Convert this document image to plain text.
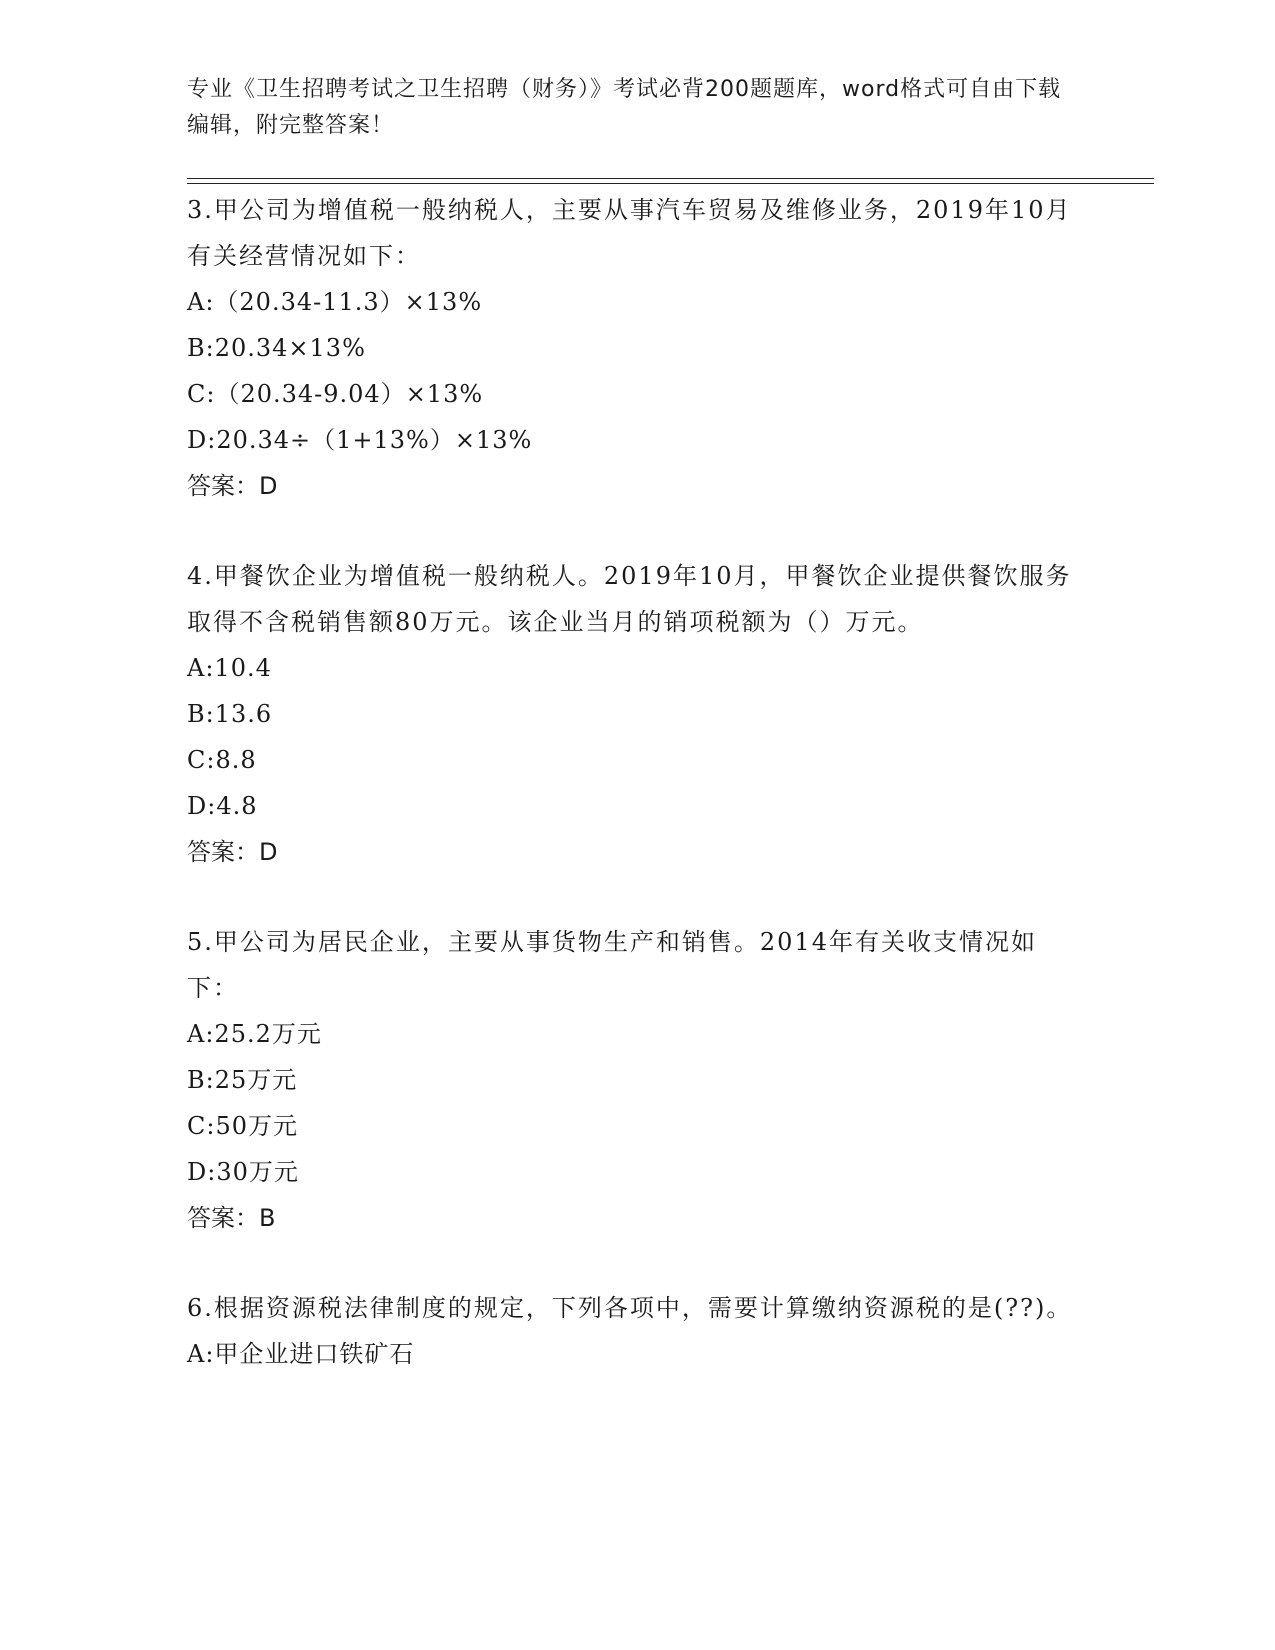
专业《卫生招聘考试之卫生招聘（财务）》考试必背200题题库，word格式可自由下载编辑，附完整答案！

3.甲公司为增值税一般纳税人，主要从事汽车贸易及维修业务，2019年10月有关经营情况如下：

A:（20.34-11.3）×13%

B:20.34×13%

C:（20.34-9.04）×13%

D:20.34÷（1+13%）×13%

答案：D

4.甲餐饮企业为增值税一般纳税人。2019年10月，甲餐饮企业提供餐饮服务取得不含税销售额80万元。该企业当月的销项税额为（）万元。

A:10.4

B:13.6

C:8.8

D:4.8

答案：D

5.甲公司为居民企业，主要从事货物生产和销售。2014年有关收支情况如下：

A:25.2万元

B:25万元

C:50万元

D:30万元

答案：B

6.根据资源税法律制度的规定，下列各项中，需要计算缴纳资源税的是(??)。

A:甲企业进口铁矿石
